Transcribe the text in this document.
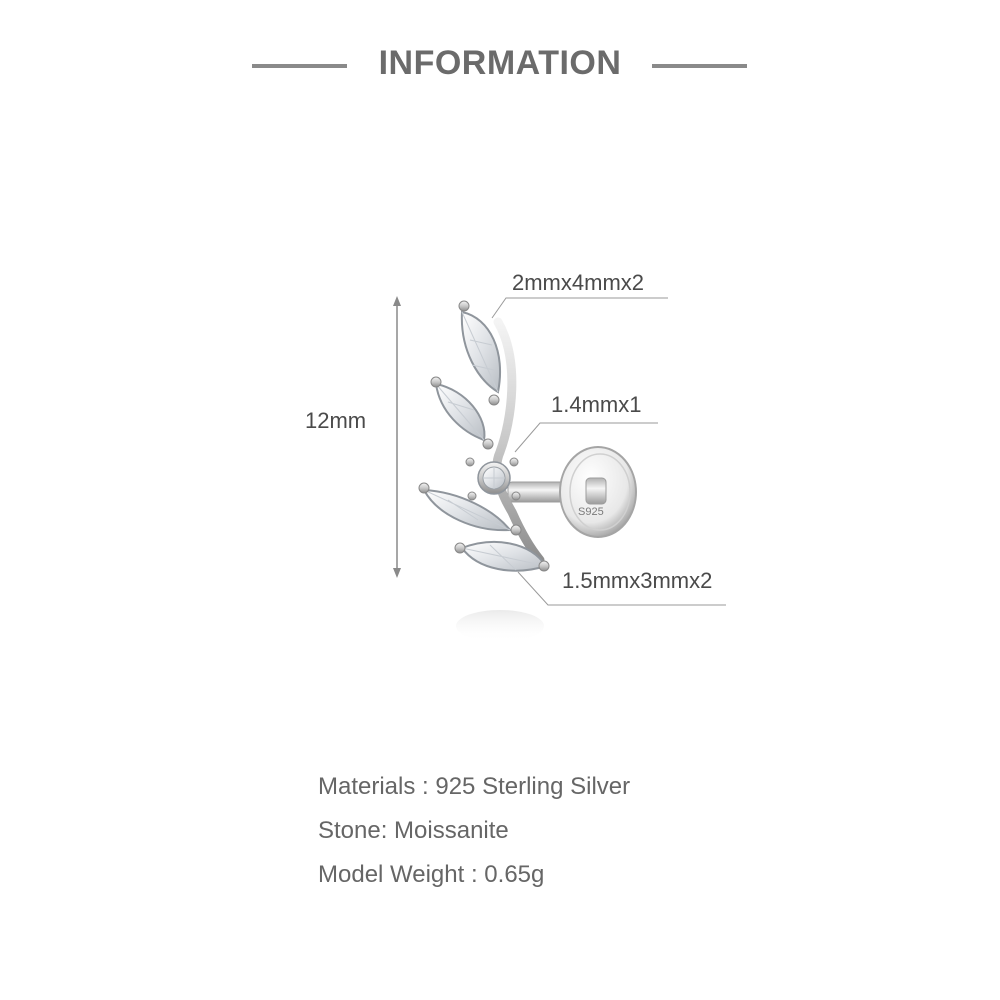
INFORMATION
12mm
2mmx4mmx2
1.4mmx1
1.5mmx3mmx2
S925
Materials : 925 Sterling Silver
Stone: Moissanite
Model Weight : 0.65g
